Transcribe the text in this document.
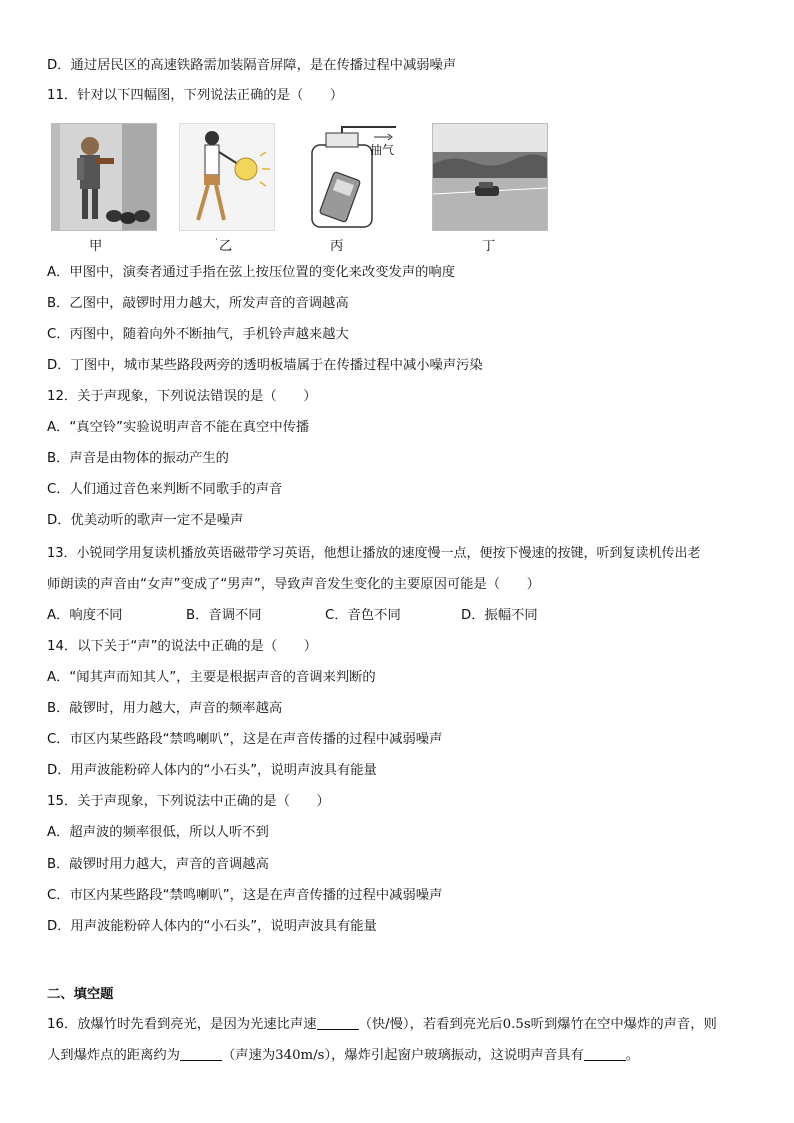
D．通过居民区的高速铁路需加装隔音屏障，是在传播过程中减弱噪声
11．针对以下四幅图，下列说法正确的是（　　）
甲	˙乙
抽气
丙	丁
A．甲图中，演奏者通过手指在弦上按压位置的变化来改变发声的响度
B．乙图中，敲锣时用力越大，所发声音的音调越高
C．丙图中，随着向外不断抽气，手机铃声越来越大
D．丁图中，城市某些路段两旁的透明板墙属于在传播过程中减小噪声污染
12．关于声现象，下列说法错误的是（　　）
A．“真空铃”实验说明声音不能在真空中传播
B．声音是由物体的振动产生的
C．人们通过音色来判断不同歌手的声音
D．优美动听的歌声一定不是噪声
13．小锐同学用复读机播放英语磁带学习英语，他想让播放的速度慢一点，便按下慢速的按键，听到复读机传出老
师朗读的声音由“女声”变成了“男声”，导致声音发生变化的主要原因可能是（　　）
A．响度不同	B．音调不同	C．音色不同	D．振幅不同
14．以下关于“声”的说法中正确的是（　　）
A．“闻其声而知其人”，主要是根据声音的音调来判断的
B．敲锣时，用力越大，声音的频率越高
C．市区内某些路段“禁鸣喇叭”，这是在声音传播的过程中减弱噪声
D．用声波能粉碎人体内的“小石头”，说明声波具有能量
15．关于声现象，下列说法中正确的是（　　）
A．超声波的频率很低，所以人听不到
B．敲锣时用力越大，声音的音调越高
C．市区内某些路段“禁鸣喇叭”，这是在声音传播的过程中减弱噪声
D．用声波能粉碎人体内的“小石头”，说明声波具有能量
二、填空题
16．放爆竹时先看到亮光，是因为光速比声速	（快/慢），若看到亮光后0.5s听到爆竹在空中爆炸的声音，则
人到爆炸点的距离约为	（声速为340m/s），爆炸引起窗户玻璃振动，这说明声音具有	。
